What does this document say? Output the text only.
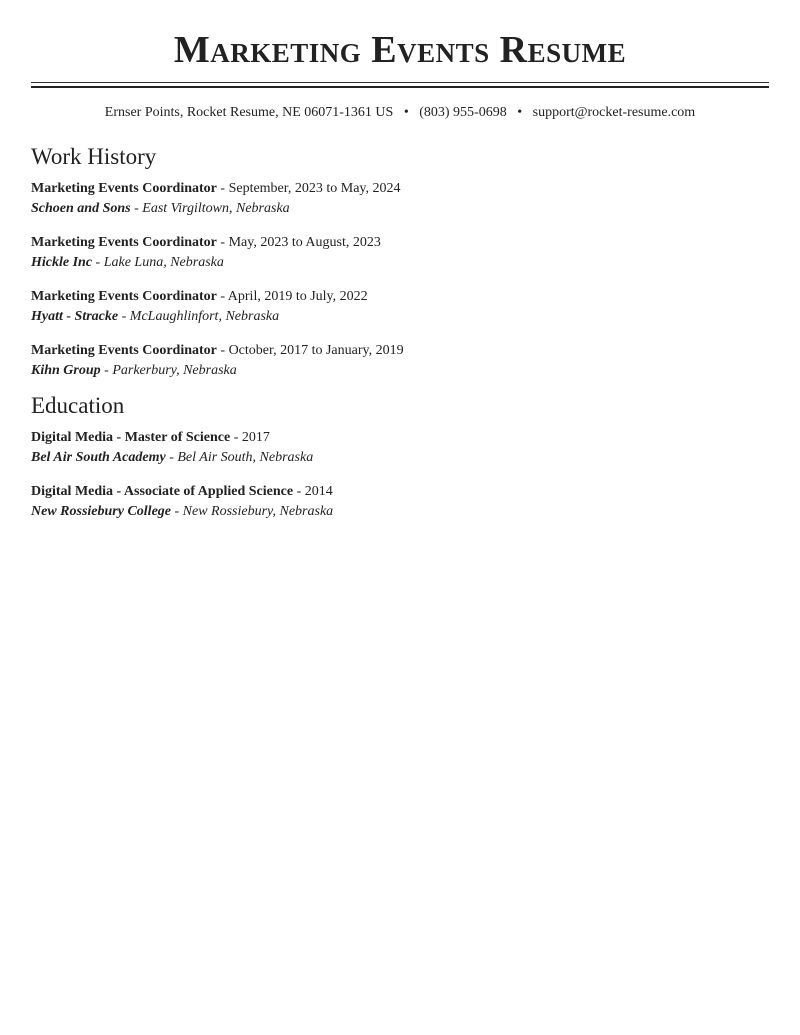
Marketing Events Resume
Ernser Points, Rocket Resume, NE 06071-1361 US • (803) 955-0698 • support@rocket-resume.com
Work History
Marketing Events Coordinator - September, 2023 to May, 2024
Schoen and Sons - East Virgiltown, Nebraska
Marketing Events Coordinator - May, 2023 to August, 2023
Hickle Inc - Lake Luna, Nebraska
Marketing Events Coordinator - April, 2019 to July, 2022
Hyatt - Stracke - McLaughlinfort, Nebraska
Marketing Events Coordinator - October, 2017 to January, 2019
Kihn Group - Parkerbury, Nebraska
Education
Digital Media - Master of Science - 2017
Bel Air South Academy - Bel Air South, Nebraska
Digital Media - Associate of Applied Science - 2014
New Rossiebury College - New Rossiebury, Nebraska
